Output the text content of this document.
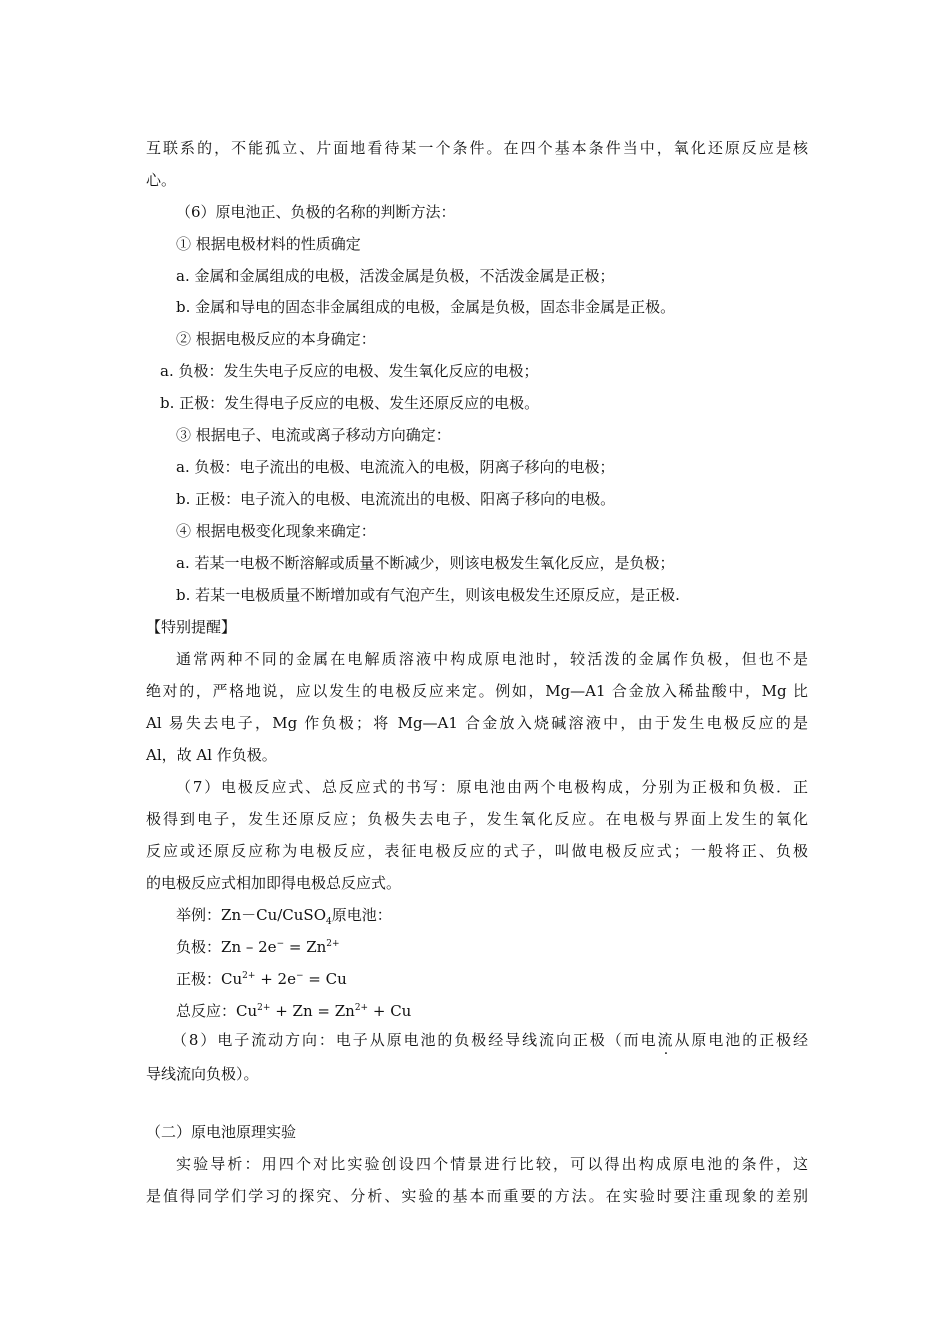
互联系的，不能孤立、片面地看待某一个条件。在四个基本条件当中，氧化还原反应是核
心。
（6）原电池正、负极的名称的判断方法：
① 根据电极材料的性质确定
a. 金属和金属组成的电极，活泼金属是负极，不活泼金属是正极；
b. 金属和导电的固态非金属组成的电极，金属是负极，固态非金属是正极。
② 根据电极反应的本身确定：
a. 负极：发生失电子反应的电极、发生氧化反应的电极；
b. 正极：发生得电子反应的电极、发生还原反应的电极。
③ 根据电子、电流或离子移动方向确定：
a. 负极：电子流出的电极、电流流入的电极，阴离子移向的电极；
b. 正极：电子流入的电极、电流流出的电极、阳离子移向的电极。
④ 根据电极变化现象来确定：
a. 若某一电极不断溶解或质量不断减少，则该电极发生氧化反应，是负极；
b. 若某一电极质量不断增加或有气泡产生，则该电极发生还原反应，是正极.
【特别提醒】
通常两种不同的金属在电解质溶液中构成原电池时，较活泼的金属作负极，但也不是
绝对的，严格地说，应以发生的电极反应来定。例如，Mg—A1 合金放入稀盐酸中，Mg 比
Al 易失去电子，Mg 作负极；将 Mg—A1 合金放入烧碱溶液中，由于发生电极反应的是
Al，故 Al 作负极。
（7）电极反应式、总反应式的书写：原电池由两个电极构成，分别为正极和负极．正
极得到电子，发生还原反应；负极失去电子，发生氧化反应。在电极与界面上发生的氧化
反应或还原反应称为电极反应，表征电极反应的式子，叫做电极反应式；一般将正、负极
的电极反应式相加即得电极总反应式。
举例：Zn－Cu/CuSO$_4$原电池：
负极：$Zn - 2e^- = Zn^{2+}$
正极：$Cu^{2+} + 2e^- = Cu$
总反应：$Cu^{2+} + Zn = Zn^{2+} + Cu$
（8）电子流动方向：电子从原电池的负极经导线流向正极（而电流从原电池的正极经
导线流向负极）。
（二）原电池原理实验
实验导析：用四个对比实验创设四个情景进行比较，可以得出构成原电池的条件，这
是值得同学们学习的探究、分析、实验的基本而重要的方法。在实验时要注重现象的差别
